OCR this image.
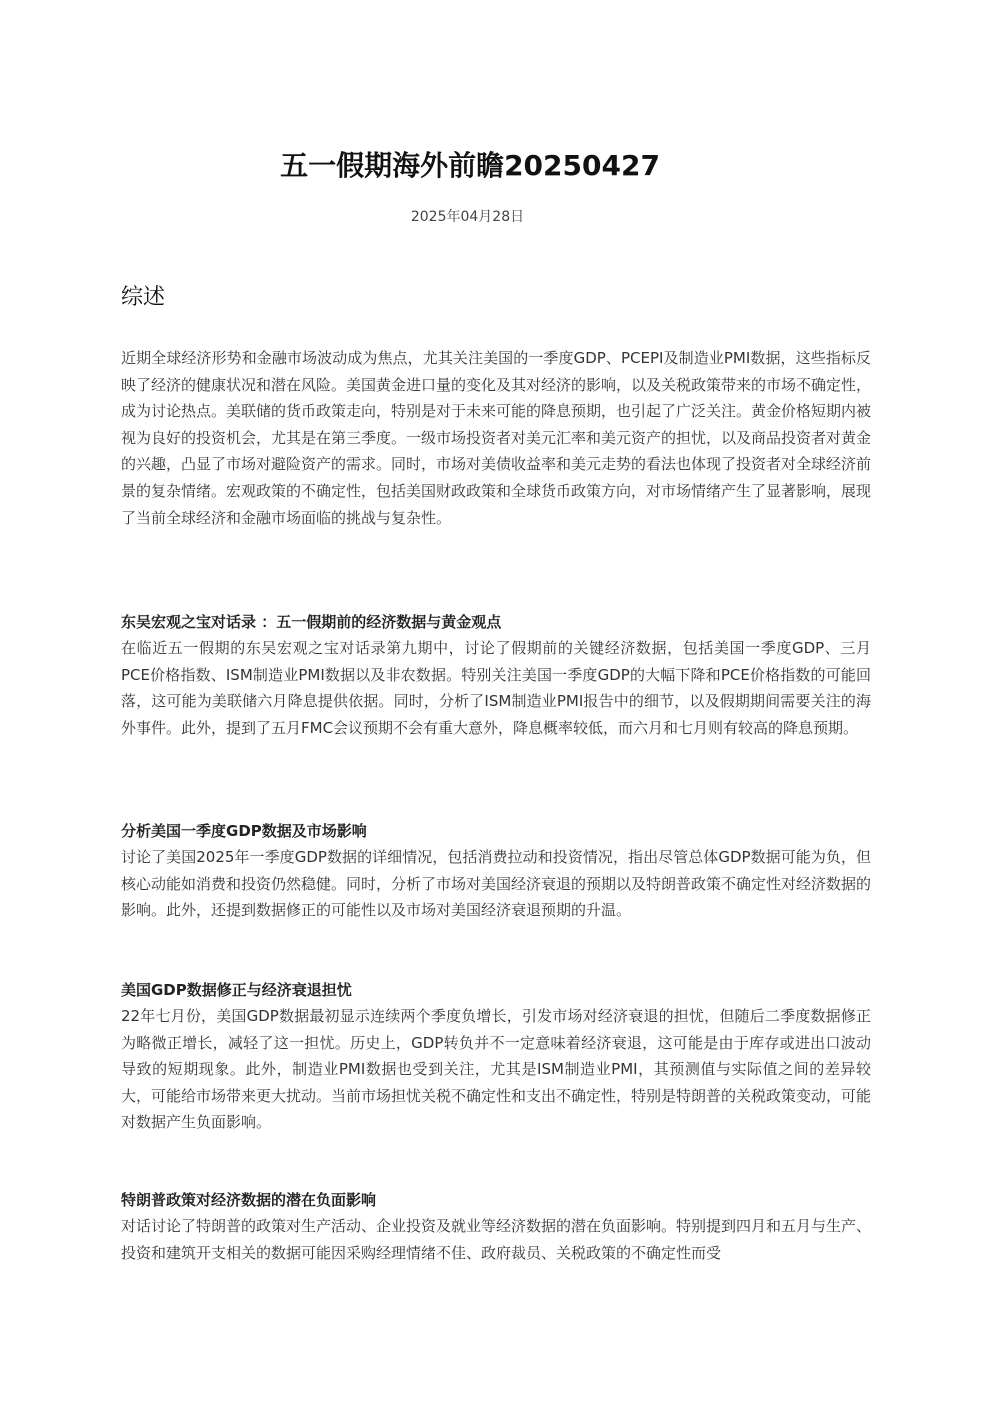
五一假期海外前瞻20250427
2025年04月28日
综述

近期全球经济形势和金融市场波动成为焦点，尤其关注美国的一季度GDP、PCEPI及制造业PMI数据，这些指标反映了经济的健康状况和潜在风险。美国黄金进口量的变化及其对经济的影响，以及关税政策带来的市场不确定性，成为讨论热点。美联储的货币政策走向，特别是对于未来可能的降息预期，也引起了广泛关注。黄金价格短期内被视为良好的投资机会，尤其是在第三季度。一级市场投资者对美元汇率和美元资产的担忧，以及商品投资者对黄金的兴趣，凸显了市场对避险资产的需求。同时，市场对美债收益率和美元走势的看法也体现了投资者对全球经济前景的复杂情绪。宏观政策的不确定性，包括美国财政政策和全球货币政策方向，对市场情绪产生了显著影响，展现了当前全球经济和金融市场面临的挑战与复杂性。

东吴宏观之宝对话录 ：五一假期前的经济数据与黄金观点

在临近五一假期的东吴宏观之宝对话录第九期中，讨论了假期前的关键经济数据，包括美国一季度GDP、三月PCE价格指数、ISM制造业PMI数据以及非农数据。特别关注美国一季度GDP的大幅下降和PCE价格指数的可能回落，这可能为美联储六月降息提供依据。同时，分析了ISM制造业PMI报告中的细节，以及假期期间需要关注的海外事件。此外，提到了五月FMC会议预期不会有重大意外，降息概率较低，而六月和七月则有较高的降息预期。

分析美国一季度GDP数据及市场影响

讨论了美国2025年一季度GDP数据的详细情况，包括消费拉动和投资情况，指出尽管总体GDP数据可能为负，但核心动能如消费和投资仍然稳健。同时，分析了市场对美国经济衰退的预期以及特朗普政策不确定性对经济数据的影响。此外，还提到数据修正的可能性以及市场对美国经济衰退预期的升温。

美国GDP数据修正与经济衰退担忧

22年七月份，美国GDP数据最初显示连续两个季度负增长，引发市场对经济衰退的担忧，但随后二季度数据修正为略微正增长，减轻了这一担忧。历史上，GDP转负并不一定意味着经济衰退，这可能是由于库存或进出口波动导致的短期现象。此外，制造业PMI数据也受到关注，尤其是ISM制造业PMI，其预测值与实际值之间的差异较大，可能给市场带来更大扰动。当前市场担忧关税不确定性和支出不确定性，特别是特朗普的关税政策变动，可能对数据产生负面影响。

特朗普政策对经济数据的潜在负面影响

对话讨论了特朗普的政策对生产活动、企业投资及就业等经济数据的潜在负面影响。特别提到四月和五月与生产、投资和建筑开支相关的数据可能因采购经理情绪不佳、政府裁员、关税政策的不确定性而受
